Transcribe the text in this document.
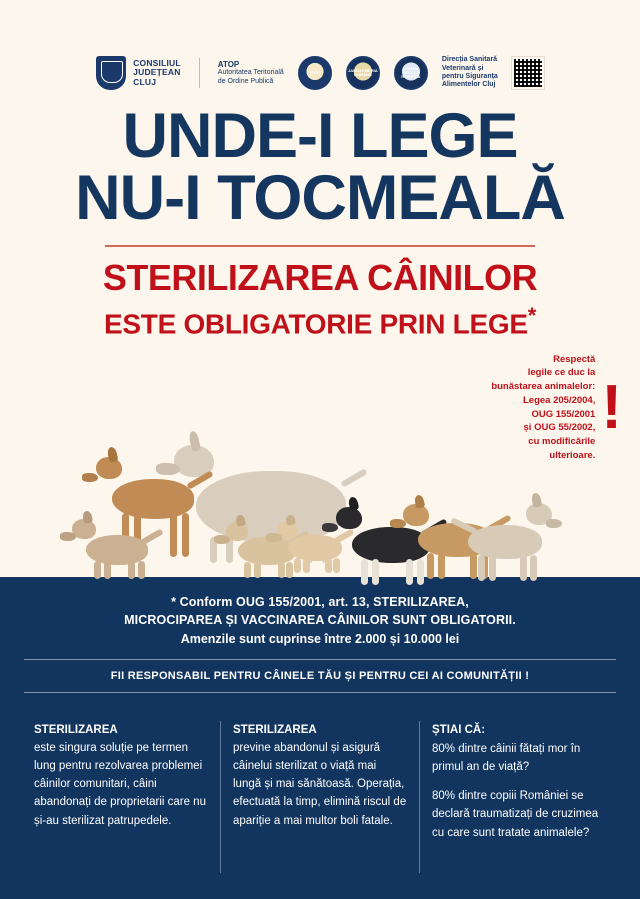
CONSILIUL
JUDEȚEAN
CLUJ
ATOP
Autoritatea Teritorială
de Ordine Publică
IGPR	JANDARMERIA ROMÂNĂ
POLIȚIA LOCALĂ ROMÂNIA
Direcția Sanitară
Veterinară și
pentru Siguranța
Alimentelor Cluj
UNDE-I LEGE
NU-I TOCMEALĂ
STERILIZAREA CÂINILOR
ESTE OBLIGATORIE PRIN LEGE*
Respectă
legile ce duc la
bunăstarea animalelor:
Legea 205/2004,
OUG 155/2001
și OUG 55/2002,
cu modificările
ulterioare.
!
* Conform OUG 155/2001, art. 13, STERILIZAREA,
MICROCIPAREA ȘI VACCINAREA CÂINILOR SUNT OBLIGATORII.
Amenzile sunt cuprinse între 2.000 și 10.000 lei
FII RESPONSABIL PENTRU CÂINELE TĂU ȘI PENTRU CEI AI COMUNITĂȚII !
STERILIZAREA

este singura soluție pe termen lung pentru rezolvarea problemei câinilor comunitari, câini abandonați de proprietarii care nu și-au sterilizat patrupedele.

STERILIZAREA

previne abandonul și asigură câinelui sterilizat o viață mai lungă și mai sănătoasă. Operația, efectuată la timp, elimină riscul de apariție a mai multor boli fatale.

ȘTIAI CĂ:

80% dintre câinii fătați mor în primul an de viață?

80% dintre copiii României se declară traumatizați de cruzimea cu care sunt tratate animalele?
